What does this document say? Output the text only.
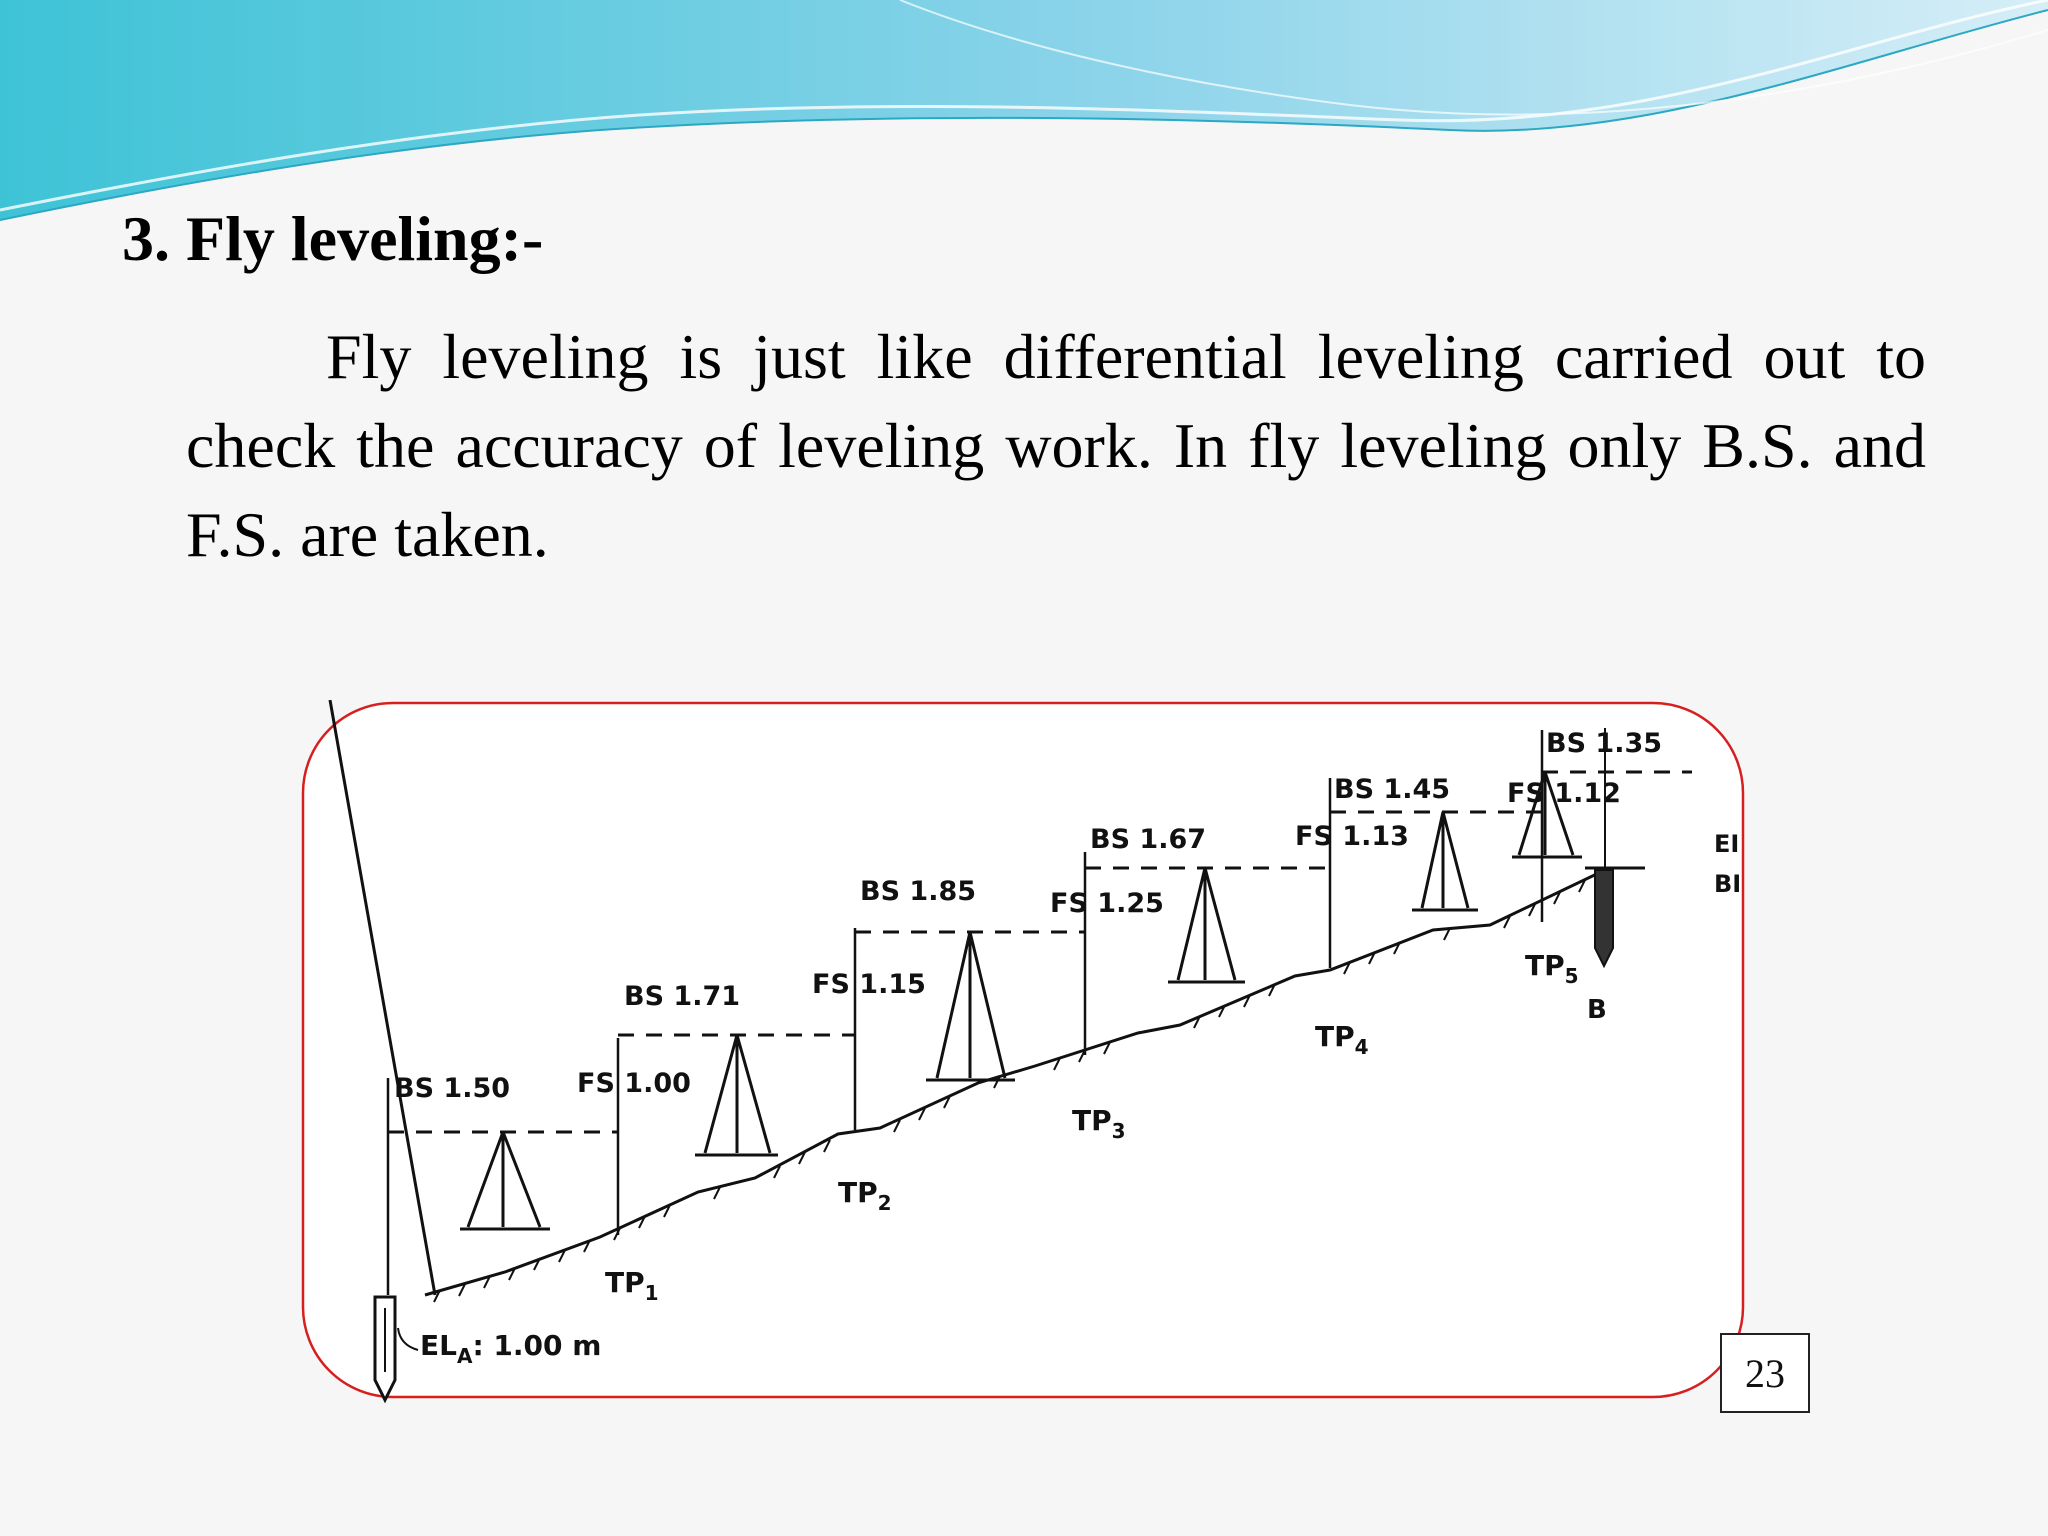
3. Fly leveling:-

Fly leveling is just like differential leveling carried out to check the accuracy of leveling work. In fly leveling only B.S. and F.S. are taken.

BS 1.50
BS 1.71
BS 1.85
BS 1.67
BS 1.45
BS 1.35
FS 1.00
FS 1.15
FS 1.25
FS 1.13
FS 1.12
$TP_1$
$TP_2$
$TP_3$
$TP_4$
$TP_5$
$EL_A$: 1.00 m
B
EI
BI
23
